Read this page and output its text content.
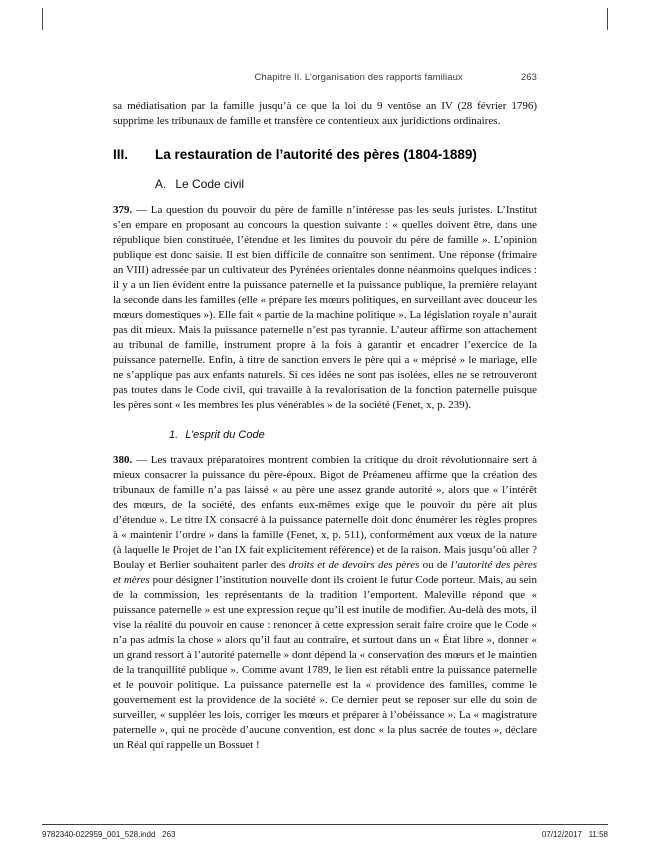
Chapitre II. L’organisation des rapports familiaux	263

sa médiatisation par la famille jusqu’à ce que la loi du 9 ventôse an IV (28 février 1796) supprime les tribunaux de famille et transfère ce contentieux aux juridictions ordinaires.

III.	La restauration de l’autorité des pères (1804-1889)
A. Le Code civil

379. — La question du pouvoir du père de famille n’intéresse pas les seuls juristes. L’Institut s’en empare en proposant au concours la question suivante : « quelles doivent être, dans une république bien constituée, l’étendue et les limites du pouvoir du père de famille ». L’opinion publique est donc saisie. Il est bien difficile de connaître son sentiment. Une réponse (frimaire an VIII) adressée par un cultivateur des Pyrénées orientales donne néanmoins quelques indices : il y a un lien évident entre la puissance paternelle et la puissance publique, la première relayant la seconde dans les familles (elle « prépare les mœurs politiques, en surveillant avec douceur les mœurs domestiques »). Elle fait « partie de la machine politique ». La législation royale n’aurait pas dit mieux. Mais la puissance paternelle n’est pas tyrannie. L’auteur affirme son attachement au tribunal de famille, instrument propre à la fois à garantir et encadrer l’exercice de la puissance paternelle. Enfin, à titre de sanction envers le père qui a « méprisé » le mariage, elle ne s’applique pas aux enfants naturels. Si ces idées ne sont pas isolées, elles ne se retrouveront pas toutes dans le Code civil, qui travaille à la revalorisation de la fonction paternelle puisque les pères sont « les membres les plus vénérables » de la société (Fenet, x, p. 239).

1. L’esprit du Code

380. — Les travaux préparatoires montrent combien la critique du droit révolutionnaire sert à mieux consacrer la puissance du père-époux. Bigot de Préameneu affirme que la création des tribunaux de famille n’a pas laissé « au père une assez grande autorité », alors que « l’intérêt des mœurs, de la société, des enfants eux-mêmes exige que le pouvoir du père ait plus d’étendue ». Le titre IX consacré à la puissance paternelle doit donc énumérer les règles propres à « maintenir l’ordre » dans la famille (Fenet, x, p. 511), conformément aux vœux de la nature (à laquelle le Projet de l’an IX fait explicitement référence) et de la raison. Mais jusqu’où aller ? Boulay et Berlier souhaitent parler des droits et de devoirs des pères ou de l’autorité des pères et mères pour désigner l’institution nouvelle dont ils croient le futur Code porteur. Mais, au sein de la commission, les représentants de la tradition l’emportent. Maleville répond que « puissance paternelle » est une expression reçue qu’il est inutile de modifier. Au-delà des mots, il vise la réalité du pouvoir en cause : renoncer à cette expression serait faire croire que le Code « n’a pas admis la chose » alors qu’il faut au contraire, et surtout dans un « État libre », donner « un grand ressort à l’autorité paternelle » dont dépend la « conservation des mœurs et le maintien de la tranquillité publique ». Comme avant 1789, le lien est rétabli entre la puissance paternelle et le pouvoir politique. La puissance paternelle est la « providence des familles, comme le gouvernement est la providence de la société ». Ce dernier peut se reposer sur elle du soin de surveiller, « suppléer les lois, corriger les mœurs et préparer à l’obéissance ». La « magistrature paternelle », qui ne procède d’aucune convention, est donc « la plus sacrée de toutes », déclare un Réal qui rappelle un Bossuet !

9782340-022959_001_528.indd   263	07/12/2017   11:58
